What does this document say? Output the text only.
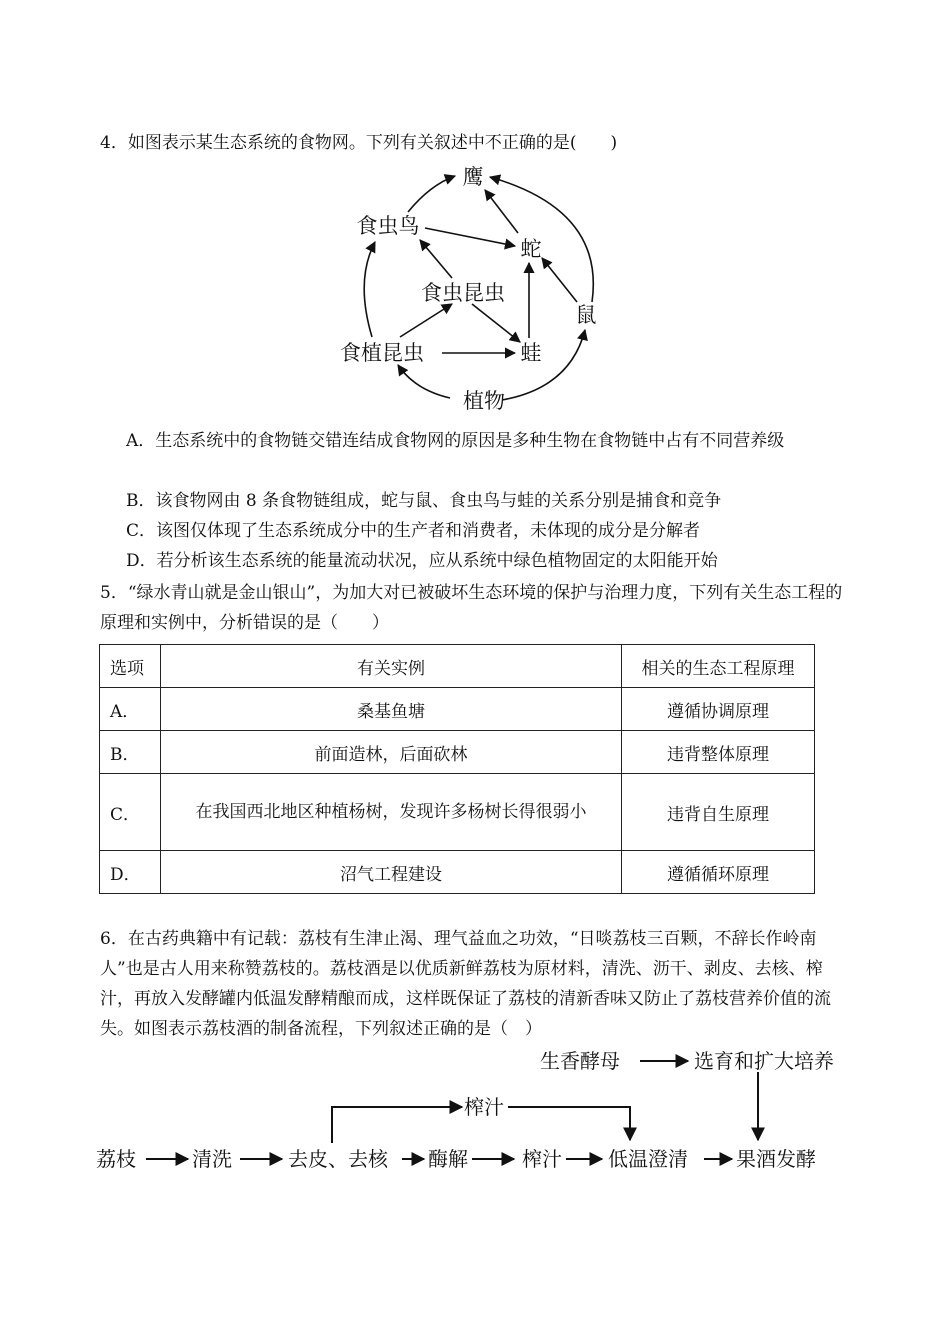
4．如图表示某生态系统的食物网。下列有关叙述中不正确的是(　　)
鹰
食虫鸟
蛇
食虫昆虫
鼠
食植昆虫	蛙
植物
A．生态系统中的食物链交错连结成食物网的原因是多种生物在食物链中占有不同营养级
B．该食物网由 8 条食物链组成，蛇与鼠、食虫鸟与蛙的关系分别是捕食和竞争
C．该图仅体现了生态系统成分中的生产者和消费者，未体现的成分是分解者
D．若分析该生态系统的能量流动状况，应从系统中绿色植物固定的太阳能开始
5．“绿水青山就是金山银山”，为加大对已被破坏生态环境的保护与治理力度，下列有关生态工程的原理和实例中，分析错误的是（　　）
选项	有关实例	相关的生态工程原理
A．	桑基鱼塘	遵循协调原理
B．	前面造林，后面砍林	违背整体原理
C．	在我国西北地区种植杨树，发现许多杨树长得很弱小	违背自生原理
D．	沼气工程建设	遵循循环原理
6．在古药典籍中有记载：荔枝有生津止渴、理气益血之功效，“日啖荔枝三百颗，不辞长作岭南人”也是古人用来称赞荔枝的。荔枝酒是以优质新鲜荔枝为原材料，清洗、沥干、剥皮、去核、榨汁，再放入发酵罐内低温发酵精酿而成，这样既保证了荔枝的清新香味又防止了荔枝营养价值的流失。如图表示荔枝酒的制备流程，下列叙述正确的是（　）
生香酵母	选育和扩大培养
榨汁
荔枝	清洗	去皮、去核 酶解	榨汁 低温澄清 果酒发酵
